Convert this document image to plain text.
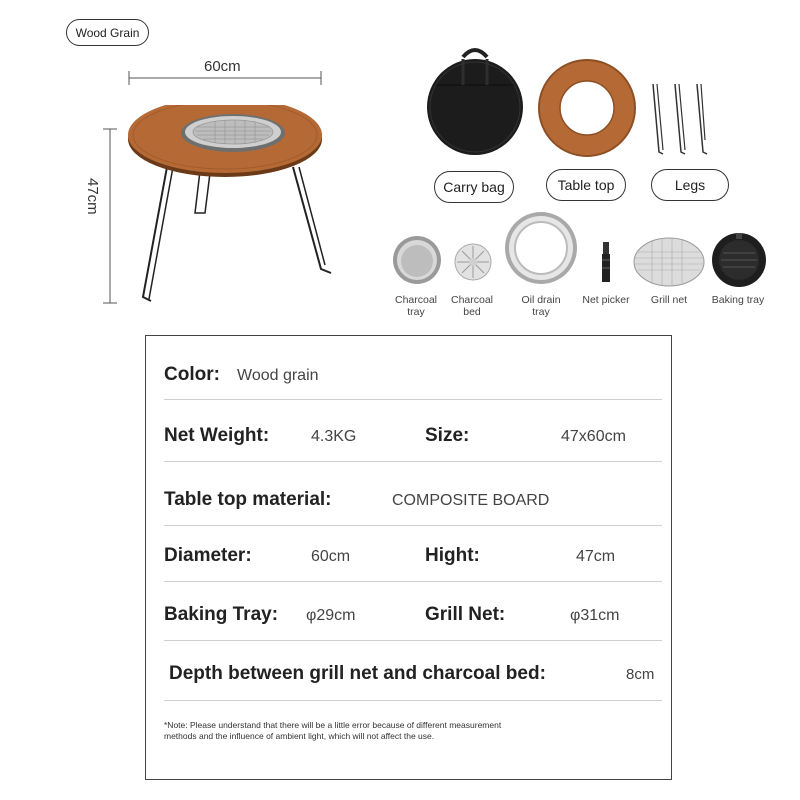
Wood Grain
60cm
47cm	Carry bag	Table top	Legs
Charcoal
tray
Charcoal
bed
Oil drain
tray
Net picker	Grill net	Baking tray
Color: Wood grain
Net Weight:	4.3KG	Size:	47x60cm
Table top material:	COMPOSITE BOARD
Diameter:	60cm	Hight:	47cm
Baking Tray: φ29cm	Grill Net:	φ31cm
Depth between grill net and charcoal bed:	8cm
*Note: Please understand that there will be a little error because of different measurement
methods and the influence of ambient light, which will not affect the use.
